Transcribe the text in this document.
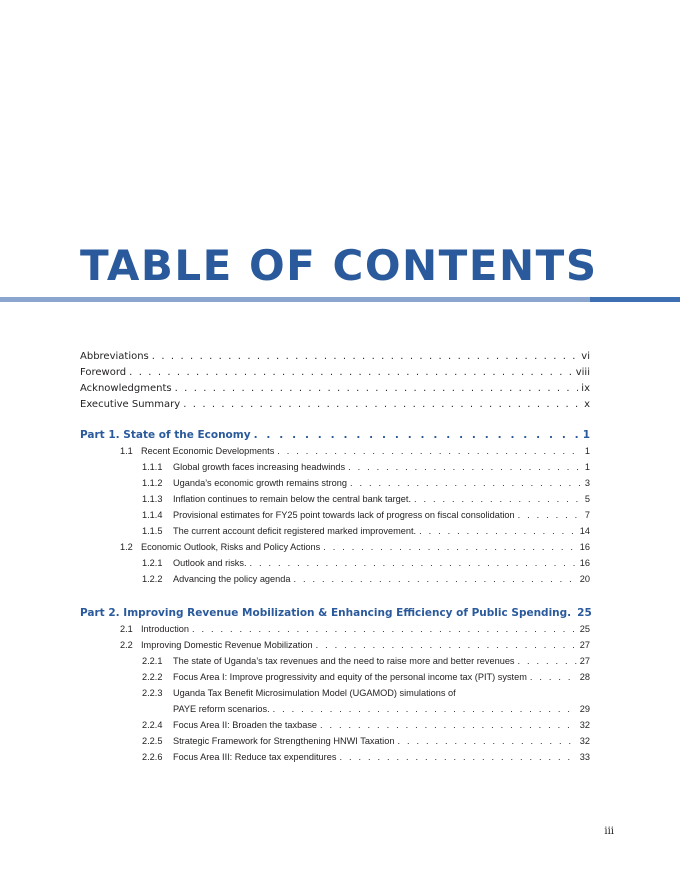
TABLE OF CONTENTS
Abbreviations . . .	vi
Foreword . . .	viii
Acknowledgments . . .	ix
Executive Summary . . .	x
Part 1. State of the Economy . . .	1
1.1 Recent Economic Developments . . .	1
1.1.1	Global growth faces increasing headwinds . . .	1
1.1.2	Uganda’s economic growth remains strong . . .	3
1.1.3	Inflation continues to remain below the central bank target. . . .	5
1.1.4	Provisional estimates for FY25 point towards lack of progress on fiscal consolidation . . .	7
1.1.5	The current account deficit registered marked improvement. . . .	14
1.2 Economic Outlook, Risks and Policy Actions . . .	16
1.2.1	Outlook and risks. . . .	16
1.2.2	Advancing the policy agenda . . .	20
Part 2. Improving Revenue Mobilization & Enhancing Efficiency of Public Spending. 25
2.1 Introduction . . .	25
2.2 Improving Domestic Revenue Mobilization . . .	27
2.2.1	The state of Uganda’s tax revenues and the need to raise more and better revenues . . .	27
2.2.2	Focus Area I: Improve progressivity and equity of the personal income tax (PIT) system . . .	28
2.2.3	Uganda Tax Benefit Microsimulation Model (UGAMOD) simulations of
PAYE reform scenarios. . . .	29
2.2.4	Focus Area II: Broaden the taxbase . . .	32
2.2.5	Strategic Framework for Strengthening HNWI Taxation . . .	32
2.2.6	Focus Area III: Reduce tax expenditures . . .	33
iii
